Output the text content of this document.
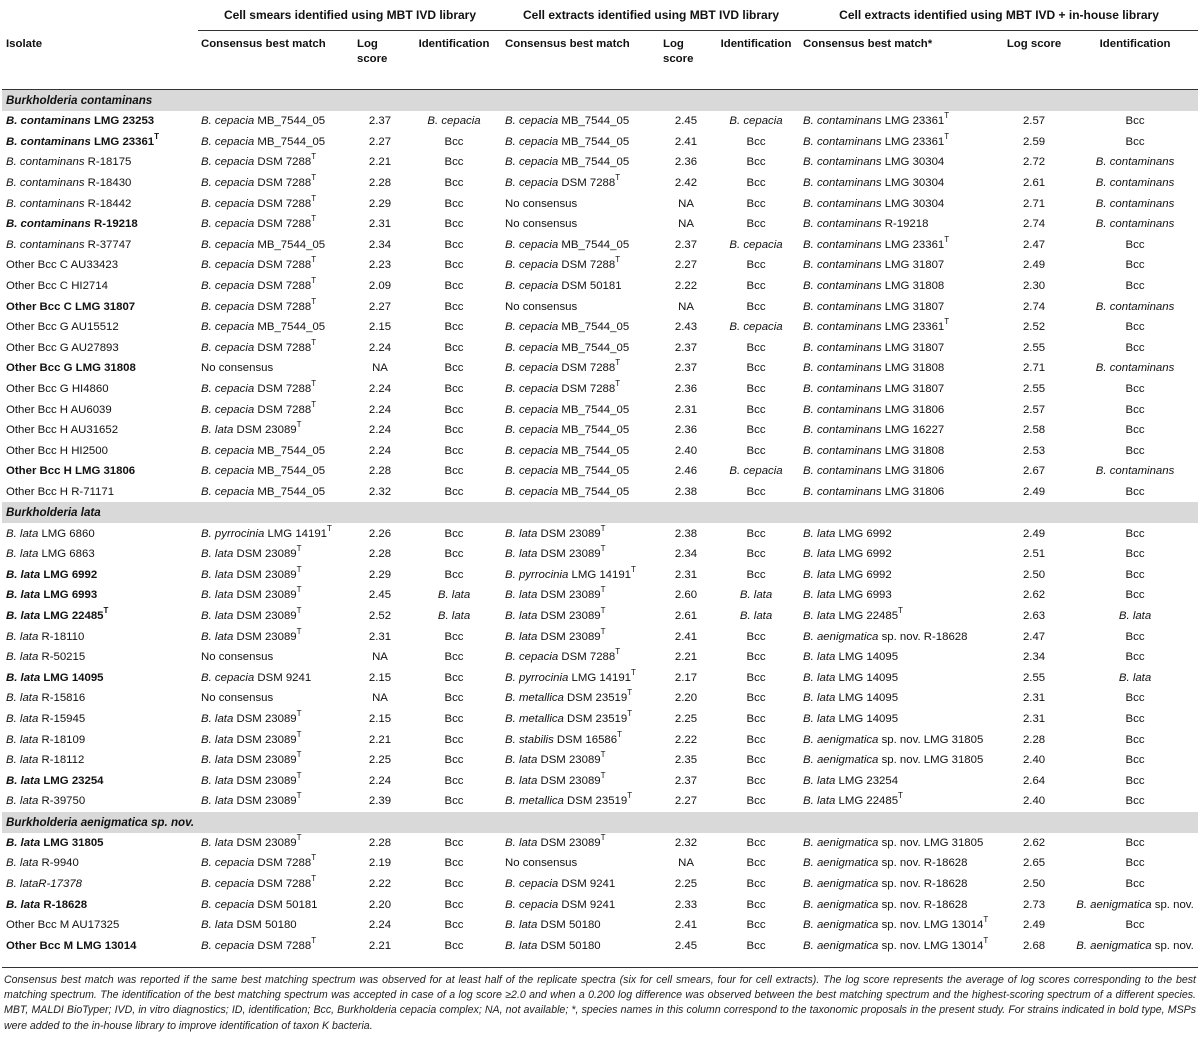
	Cell smears identified using MBT IVD library			Cell extracts identified using MBT IVD library			Cell extracts identified using MBT IVD + in-house library		
Isolate	Consensus best match	Log score	Identification	Consensus best match	Log score	Identification	Consensus best match*	Log score	Identification
Burkholderia contaminans									
B. contaminans LMG 23253	B. cepacia MB_7544_05	2.37	B. cepacia	B. cepacia MB_7544_05	2.45	B. cepacia	B. contaminans LMG $23361^T$	2.57	Bcc
B. contaminans LMG $23361^T$	B. cepacia MB_7544_05	2.27	Bcc	B. cepacia MB_7544_05	2.41	Bcc	B. contaminans LMG $23361^T$	2.59	Bcc
B. contaminans R-18175	B. cepacia DSM $7288^T$	2.21	Bcc	B. cepacia MB_7544_05	2.36	Bcc	B. contaminans LMG 30304	2.72	B. contaminans
B. contaminans R-18430	B. cepacia DSM $7288^T$	2.28	Bcc	B. cepacia DSM $7288^T$	2.42	Bcc	B. contaminans LMG 30304	2.61	B. contaminans
B. contaminans R-18442	B. cepacia DSM $7288^T$	2.29	Bcc	No consensus	NA	Bcc	B. contaminans LMG 30304	2.71	B. contaminans
B. contaminans R-19218	B. cepacia DSM $7288^T$	2.31	Bcc	No consensus	NA	Bcc	B. contaminans R-19218	2.74	B. contaminans
B. contaminans R-37747	B. cepacia MB_7544_05	2.34	Bcc	B. cepacia MB_7544_05	2.37	B. cepacia	B. contaminans LMG $23361^T$	2.47	Bcc
Other Bcc C AU33423	B. cepacia DSM $7288^T$	2.23	Bcc	B. cepacia DSM $7288^T$	2.27	Bcc	B. contaminans LMG 31807	2.49	Bcc
Other Bcc C HI2714	B. cepacia DSM $7288^T$	2.09	Bcc	B. cepacia DSM 50181	2.22	Bcc	B. contaminans LMG 31808	2.30	Bcc
Other Bcc C LMG 31807	B. cepacia DSM $7288^T$	2.27	Bcc	No consensus	NA	Bcc	B. contaminans LMG 31807	2.74	B. contaminans
Other Bcc G AU15512	B. cepacia MB_7544_05	2.15	Bcc	B. cepacia MB_7544_05	2.43	B. cepacia	B. contaminans LMG $23361^T$	2.52	Bcc
Other Bcc G AU27893	B. cepacia DSM $7288^T$	2.24	Bcc	B. cepacia MB_7544_05	2.37	Bcc	B. contaminans LMG 31807	2.55	Bcc
Other Bcc G LMG 31808	No consensus	NA	Bcc	B. cepacia DSM $7288^T$	2.37	Bcc	B. contaminans LMG 31808	2.71	B. contaminans
Other Bcc G HI4860	B. cepacia DSM $7288^T$	2.24	Bcc	B. cepacia DSM $7288^T$	2.36	Bcc	B. contaminans LMG 31807	2.55	Bcc
Other Bcc H AU6039	B. cepacia DSM $7288^T$	2.24	Bcc	B. cepacia MB_7544_05	2.31	Bcc	B. contaminans LMG 31806	2.57	Bcc
Other Bcc H AU31652	B. lata DSM $23089^T$	2.24	Bcc	B. cepacia MB_7544_05	2.36	Bcc	B. contaminans LMG 16227	2.58	Bcc
Other Bcc H HI2500	B. cepacia MB_7544_05	2.24	Bcc	B. cepacia MB_7544_05	2.40	Bcc	B. contaminans LMG 31808	2.53	Bcc
Other Bcc H LMG 31806	B. cepacia MB_7544_05	2.28	Bcc	B. cepacia MB_7544_05	2.46	B. cepacia	B. contaminans LMG 31806	2.67	B. contaminans
Other Bcc H R-71171	B. cepacia MB_7544_05	2.32	Bcc	B. cepacia MB_7544_05	2.38	Bcc	B. contaminans LMG 31806	2.49	Bcc
Burkholderia lata									
B. lata LMG 6860	B. pyrrocinia LMG $14191^T$	2.26	Bcc	B. lata DSM $23089^T$	2.38	Bcc	B. lata LMG 6992	2.49	Bcc
B. lata LMG 6863	B. lata DSM $23089^T$	2.28	Bcc	B. lata DSM $23089^T$	2.34	Bcc	B. lata LMG 6992	2.51	Bcc
B. lata LMG 6992	B. lata DSM $23089^T$	2.29	Bcc	B. pyrrocinia LMG $14191^T$	2.31	Bcc	B. lata LMG 6992	2.50	Bcc
B. lata LMG 6993	B. lata DSM $23089^T$	2.45	B. lata	B. lata DSM $23089^T$	2.60	B. lata	B. lata LMG 6993	2.62	Bcc
B. lata LMG $22485^T$	B. lata DSM $23089^T$	2.52	B. lata	B. lata DSM $23089^T$	2.61	B. lata	B. lata LMG $22485^T$	2.63	B. lata
B. lata R-18110	B. lata DSM $23089^T$	2.31	Bcc	B. lata DSM $23089^T$	2.41	Bcc	B. aenigmatica sp. nov. R-18628	2.47	Bcc
B. lata R-50215	No consensus	NA	Bcc	B. cepacia DSM $7288^T$	2.21	Bcc	B. lata LMG 14095	2.34	Bcc
B. lata LMG 14095	B. cepacia DSM 9241	2.15	Bcc	B. pyrrocinia LMG $14191^T$	2.17	Bcc	B. lata LMG 14095	2.55	B. lata
B. lata R-15816	No consensus	NA	Bcc	B. metallica DSM $23519^T$	2.20	Bcc	B. lata LMG 14095	2.31	Bcc
B. lata R-15945	B. lata DSM $23089^T$	2.15	Bcc	B. metallica DSM $23519^T$	2.25	Bcc	B. lata LMG 14095	2.31	Bcc
B. lata R-18109	B. lata DSM $23089^T$	2.21	Bcc	B. stabilis DSM $16586^T$	2.22	Bcc	B. aenigmatica sp. nov. LMG 31805	2.28	Bcc
B. lata R-18112	B. lata DSM $23089^T$	2.25	Bcc	B. lata DSM $23089^T$	2.35	Bcc	B. aenigmatica sp. nov. LMG 31805	2.40	Bcc
B. lata LMG 23254	B. lata DSM $23089^T$	2.24	Bcc	B. lata DSM $23089^T$	2.37	Bcc	B. lata LMG 23254	2.64	Bcc
B. lata R-39750	B. lata DSM $23089^T$	2.39	Bcc	B. metallica DSM $23519^T$	2.27	Bcc	B. lata LMG $22485^T$	2.40	Bcc
Burkholderia aenigmatica sp. nov.									
B. lata LMG 31805	B. lata DSM $23089^T$	2.28	Bcc	B. lata DSM $23089^T$	2.32	Bcc	B. aenigmatica sp. nov. LMG 31805	2.62	Bcc
B. lata R-9940	B. cepacia DSM $7288^T$	2.19	Bcc	No consensus	NA	Bcc	B. aenigmatica sp. nov. R-18628	2.65	Bcc
B. lataR-17378	B. cepacia DSM $7288^T$	2.22	Bcc	B. cepacia DSM 9241	2.25	Bcc	B. aenigmatica sp. nov. R-18628	2.50	Bcc
B. lata R-18628	B. cepacia DSM 50181	2.20	Bcc	B. cepacia DSM 9241	2.33	Bcc	B. aenigmatica sp. nov. R-18628	2.73	B. aenigmatica sp. nov.
Other Bcc M AU17325	B. lata DSM 50180	2.24	Bcc	B. lata DSM 50180	2.41	Bcc	B. aenigmatica sp. nov. LMG $13014^T$	2.49	Bcc
Other Bcc M LMG 13014	B. cepacia DSM $7288^T$	2.21	Bcc	B. lata DSM 50180	2.45	Bcc	B. aenigmatica sp. nov. LMG $13014^T$	2.68	B. aenigmatica sp. nov.
Consensus best match was reported if the same best matching spectrum was observed for at least half of the replicate spectra (six for cell smears, four for cell extracts). The log score represents the average of log scores corresponding to the best matching spectrum. The identification of the best matching spectrum was accepted in case of a log score ≥2.0 and when a 0.200 log difference was observed between the best matching spectrum and the highest-scoring spectrum of a different species. MBT, MALDI BioTyper; IVD, in vitro diagnostics; ID, identification; Bcc, Burkholderia cepacia complex; NA, not available; *, species names in this column correspond to the taxonomic proposals in the present study. For strains indicated in bold type, MSPs were added to the in-house library to improve identification of taxon K bacteria.
